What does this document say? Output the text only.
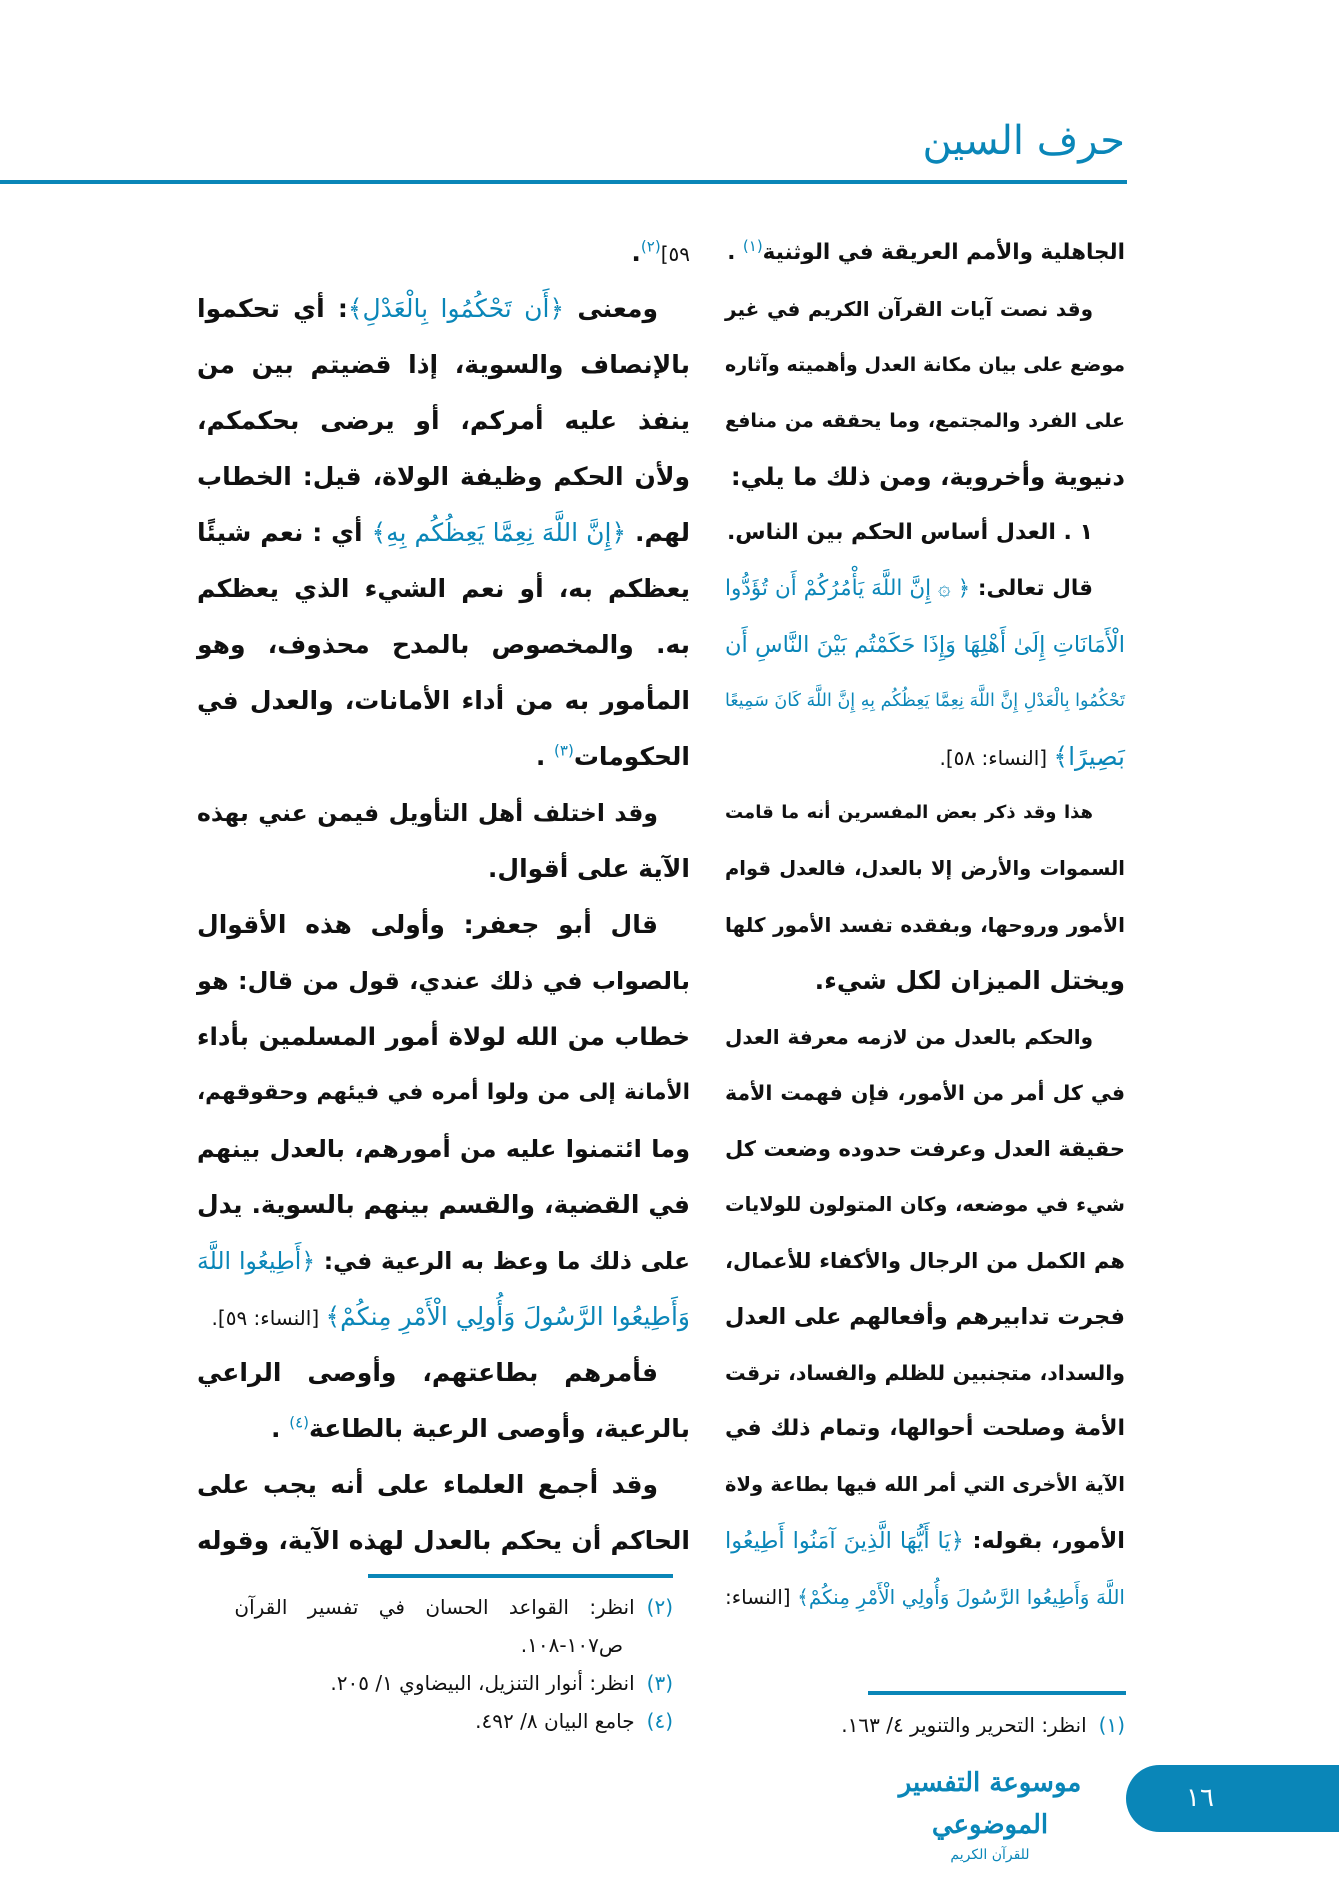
حرف السين
الجاهلية والأمم العريقة في الوثنية$^{(١)}$ .
وقد نصت آيات القرآن الكريم في غير
موضع على بيان مكانة العدل وأهميته وآثاره
على الفرد والمجتمع، وما يحققه من منافع
دنيوية وأخروية، ومن ذلك ما يلي:
١ . العدل أساس الحكم بين الناس.
قال تعالى: ﴿ ۞ إِنَّ اللَّهَ يَأْمُرُكُمْ أَن تُؤَدُّوا
الْأَمَانَاتِ إِلَىٰ أَهْلِهَا وَإِذَا حَكَمْتُم بَيْنَ النَّاسِ أَن
تَحْكُمُوا بِالْعَدْلِ إِنَّ اللَّهَ نِعِمَّا يَعِظُكُم بِهِ إِنَّ اللَّهَ كَانَ سَمِيعًا
بَصِيرًا﴾ [النساء: ٥٨].
هذا وقد ذكر بعض المفسرين أنه ما قامت
السموات والأرض إلا بالعدل، فالعدل قوام
الأمور وروحها، وبفقده تفسد الأمور كلها
ويختل الميزان لكل شيء.
والحكم بالعدل من لازمه معرفة العدل
في كل أمر من الأمور، فإن فهمت الأمة
حقيقة العدل وعرفت حدوده وضعت كل
شيء في موضعه، وكان المتولون للولايات
هم الكمل من الرجال والأكفاء للأعمال،
فجرت تدابيرهم وأفعالهم على العدل
والسداد، متجنبين للظلم والفساد، ترقت
الأمة وصلحت أحوالها، وتمام ذلك في
الآية الأخرى التي أمر الله فيها بطاعة ولاة
الأمور، بقوله: ﴿يَا أَيُّهَا الَّذِينَ آمَنُوا أَطِيعُوا
اللَّهَ وَأَطِيعُوا الرَّسُولَ وَأُولِي الْأَمْرِ مِنكُمْ﴾ [النساء:
٥٩]$^{(٢)}$.
ومعنى ﴿أَن تَحْكُمُوا بِالْعَدْلِ﴾: أي تحكموا
بالإنصاف والسوية، إذا قضيتم بين من
ينفذ عليه أمركم، أو يرضى بحكمكم،
ولأن الحكم وظيفة الولاة، قيل: الخطاب
لهم. ﴿إِنَّ اللَّهَ نِعِمَّا يَعِظُكُم بِهِ﴾ أي : نعم شيئًا
يعظكم به، أو نعم الشيء الذي يعظكم
به. والمخصوص بالمدح محذوف، وهو
المأمور به من أداء الأمانات، والعدل في
الحكومات$^{(٣)}$ .
وقد اختلف أهل التأويل فيمن عني بهذه
الآية على أقوال.
قال أبو جعفر: وأولى هذه الأقوال
بالصواب في ذلك عندي، قول من قال: هو
خطاب من الله لولاة أمور المسلمين بأداء
الأمانة إلى من ولوا أمره في فيئهم وحقوقهم،
وما ائتمنوا عليه من أمورهم، بالعدل بينهم
في القضية، والقسم بينهم بالسوية. يدل
على ذلك ما وعظ به الرعية في: ﴿أَطِيعُوا اللَّهَ
وَأَطِيعُوا الرَّسُولَ وَأُولِي الْأَمْرِ مِنكُمْ﴾ [النساء: ٥٩].
فأمرهم بطاعتهم، وأوصى الراعي
بالرعية، وأوصى الرعية بالطاعة$^{(٤)}$ .
وقد أجمع العلماء على أنه يجب على
الحاكم أن يحكم بالعدل لهذه الآية، وقوله
(١)انظر: التحرير والتنوير ٤/ ١٦٣.
(٢)انظر: القواعد الحسان في تفسير القرآن
ص١٠٧-١٠٨.
(٣)انظر: أنوار التنزيل، البيضاوي ١/ ٢٠٥.
(٤)جامع البيان ٨/ ٤٩٢.
موسوعة التفسير الموضوعي
للقرآن الكريم
١٦
